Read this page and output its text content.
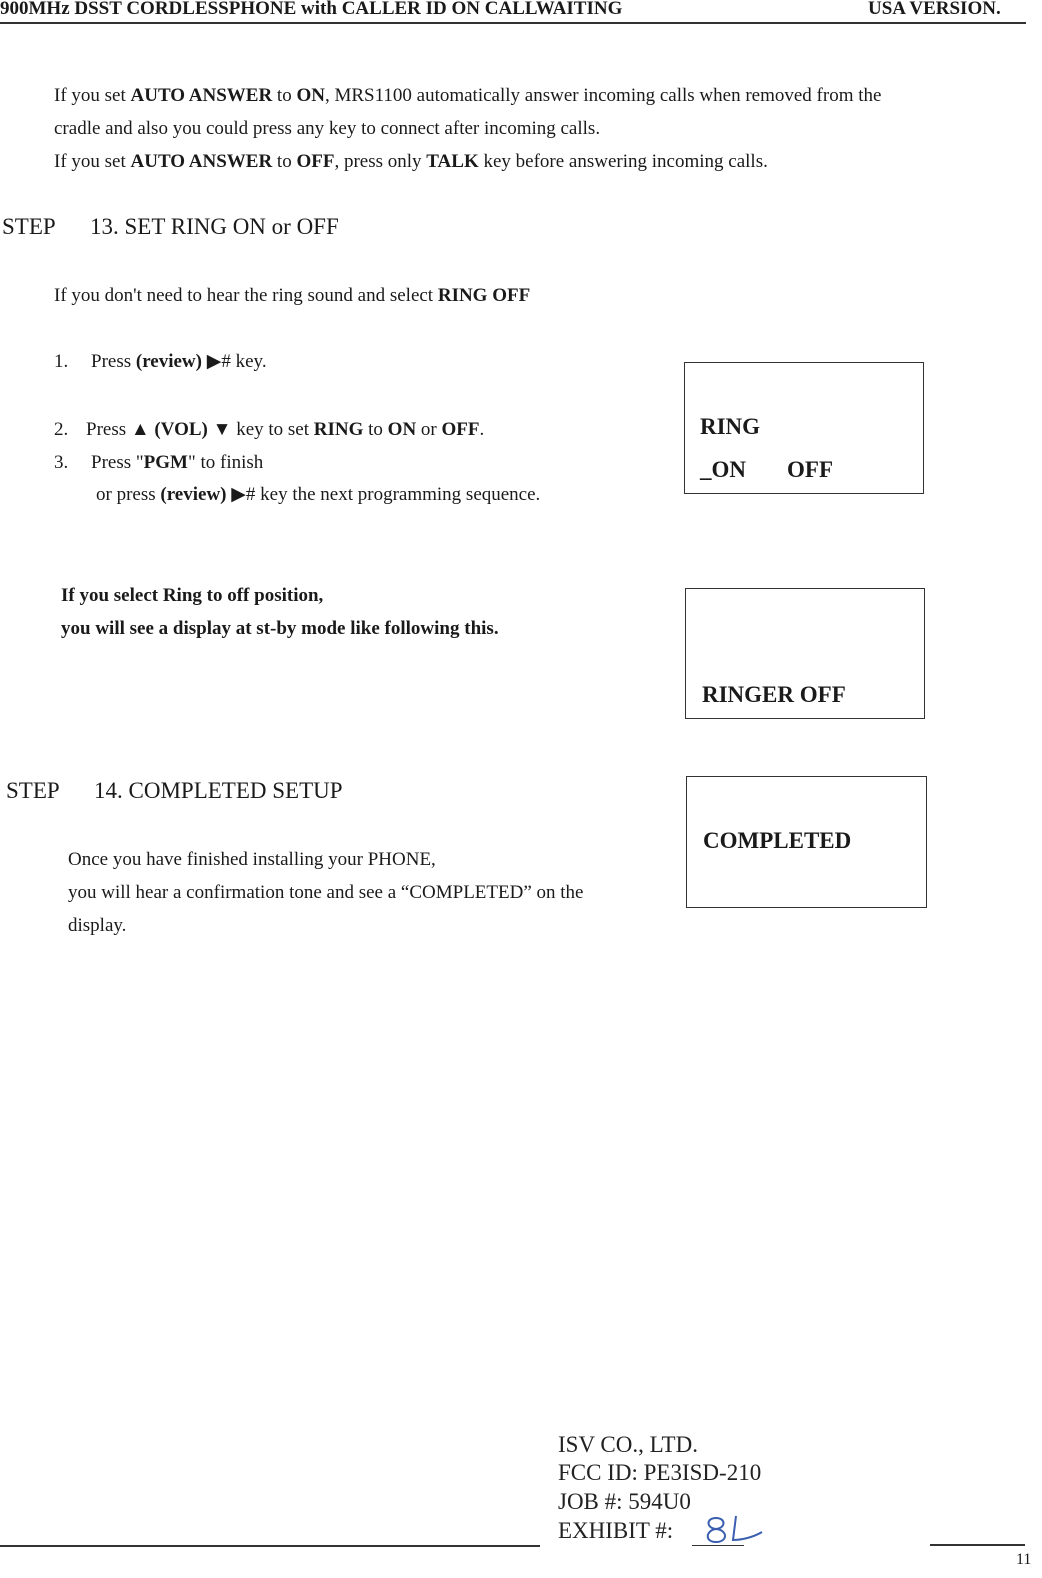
900MHz DSST CORDLESSPHONE with CALLER ID ON CALLWAITING	USA VERSION.
If you set AUTO ANSWER to ON, MRS1100 automatically answer incoming calls when removed from the
cradle and also you could press any key to connect after incoming calls.
If you set AUTO ANSWER to OFF, press only TALK key before answering incoming calls.
STEP 13. SET RING ON or OFF
If you don't need to hear the ring sound and select RING OFF
1. Press (review) ▶# key.
2. Press ▲ (VOL) ▼ key to set RING to ON or OFF.
3. Press "PGM" to finish
or press (review) ▶# key the next programming sequence.
If you select Ring to off position,
you will see a display at st-by mode like following this.
RING
_ON OFF
RINGER OFF
STEP 14. COMPLETED SETUP
Once you have finished installing your PHONE,
you will hear a confirmation tone and see a “COMPLETED” on the
display.
COMPLETED
ISV CO., LTD.
FCC ID: PE3ISD-210
JOB #: 594U0
EXHIBIT #:
11
